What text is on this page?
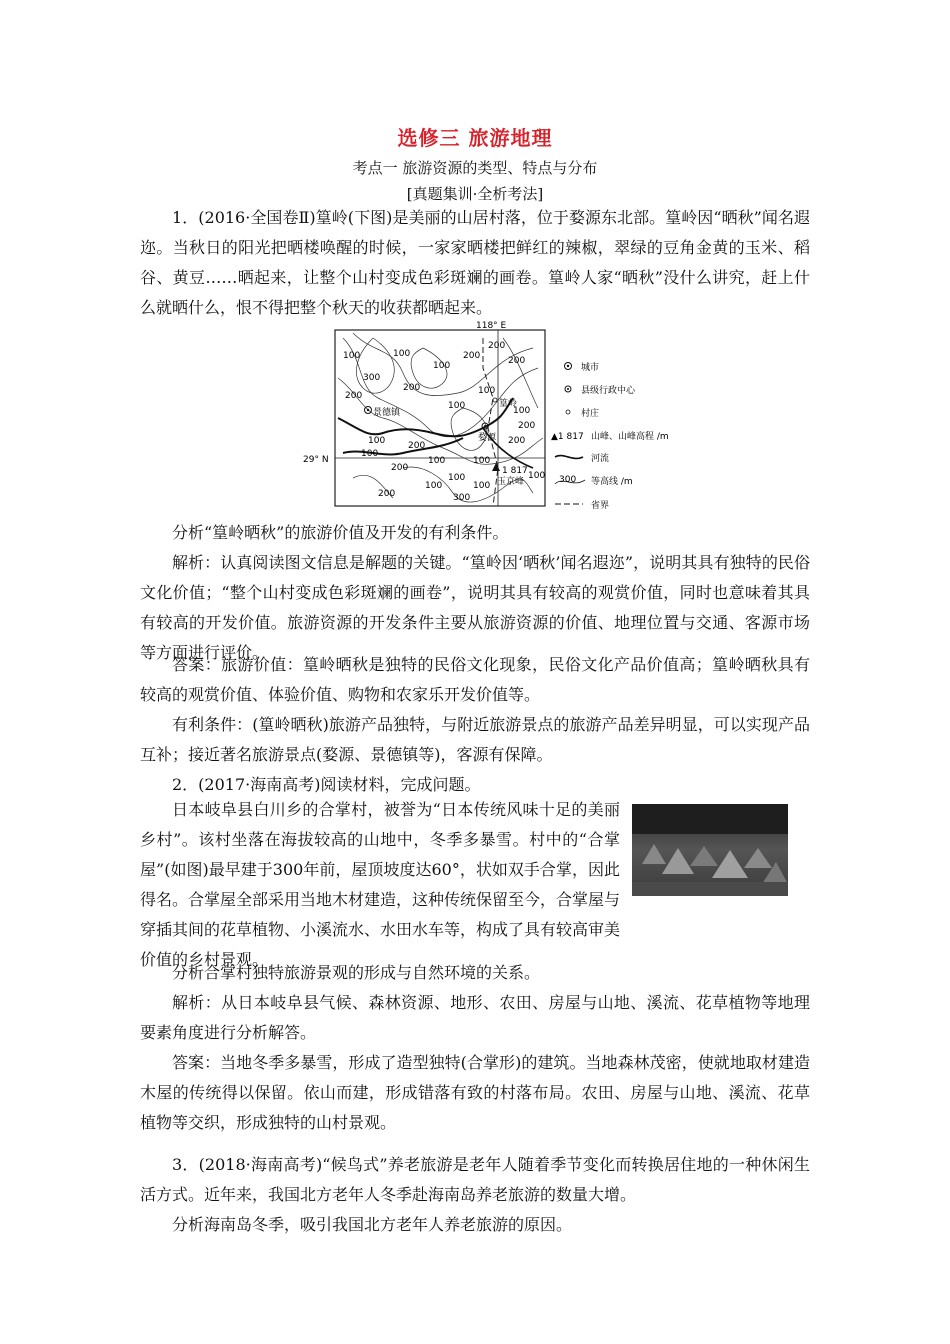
选修三 旅游地理
考点一 旅游资源的类型、特点与分布
[真题集训·全析考法]

1．(2016·全国卷Ⅱ)篁岭(下图)是美丽的山居村落，位于婺源东北部。篁岭因“晒秋”闻名遐迩。当秋日的阳光把晒楼唤醒的时候，一家家晒楼把鲜红的辣椒，翠绿的豆角金黄的玉米、稻谷、黄豆……晒起来，让整个山村变成色彩斑斓的画卷。篁岭人家“晒秋”没什么讲究，赶上什么就晒什么，恨不得把整个秋天的收获都晒起来。

118° E
29° N
100
200
300
100
200
100
200
100
200
100
200
100	200
100
200
100
100
100
200	300
100
200
100
100
100
200
景德镇
篁岭
婺源
1 817
玉京峰
城市
县级行政中心
村庄
▲1 817 山峰、山峰高程 /m
河流
300 等高线 /m
省界

分析“篁岭晒秋”的旅游价值及开发的有利条件。

解析：认真阅读图文信息是解题的关键。“篁岭因‘晒秋’闻名遐迩”，说明其具有独特的民俗文化价值；“整个山村变成色彩斑斓的画卷”，说明其具有较高的观赏价值，同时也意味着其具有较高的开发价值。旅游资源的开发条件主要从旅游资源的价值、地理位置与交通、客源市场等方面进行评价。

答案：旅游价值：篁岭晒秋是独特的民俗文化现象，民俗文化产品价值高；篁岭晒秋具有较高的观赏价值、体验价值、购物和农家乐开发价值等。

有利条件：(篁岭晒秋)旅游产品独特，与附近旅游景点的旅游产品差异明显，可以实现产品互补；接近著名旅游景点(婺源、景德镇等)，客源有保障。

2．(2017·海南高考)阅读材料，完成问题。

日本岐阜县白川乡的合掌村，被誉为“日本传统风味十足的美丽乡村”。该村坐落在海拔较高的山地中，冬季多暴雪。村中的“合掌屋”(如图)最早建于300年前，屋顶坡度达60°，状如双手合掌，因此得名。合掌屋全部采用当地木材建造，这种传统保留至今，合掌屋与穿插其间的花草植物、小溪流水、水田水车等，构成了具有较高审美价值的乡村景观。

分析合掌村独特旅游景观的形成与自然环境的关系。

解析：从日本岐阜县气候、森林资源、地形、农田、房屋与山地、溪流、花草植物等地理要素角度进行分析解答。

答案：当地冬季多暴雪，形成了造型独特(合掌形)的建筑。当地森林茂密，使就地取材建造木屋的传统得以保留。依山而建，形成错落有致的村落布局。农田、房屋与山地、溪流、花草植物等交织，形成独特的山村景观。

3．(2018·海南高考)“候鸟式”养老旅游是老年人随着季节变化而转换居住地的一种休闲生活方式。近年来，我国北方老年人冬季赴海南岛养老旅游的数量大增。

分析海南岛冬季，吸引我国北方老年人养老旅游的原因。
